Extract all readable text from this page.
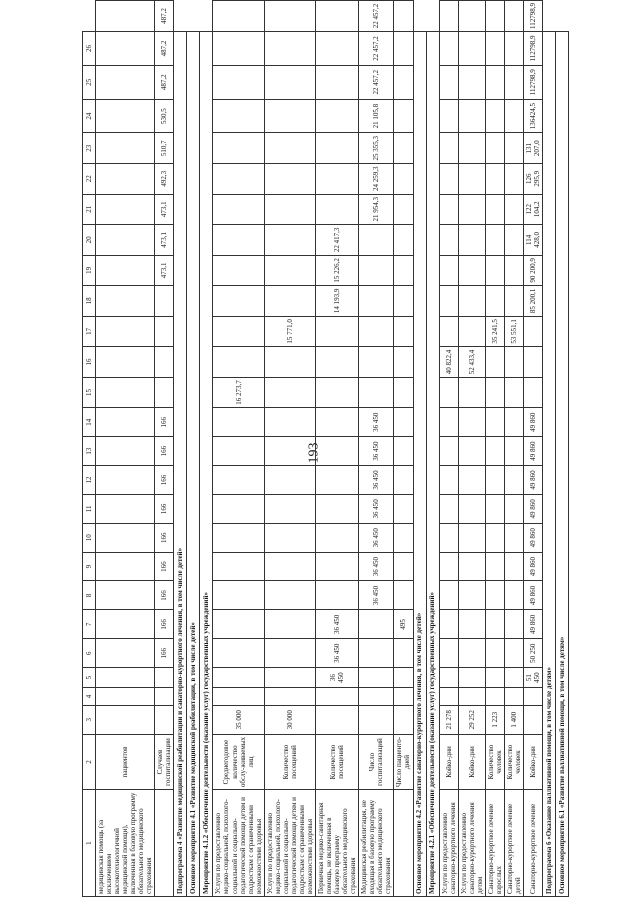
193
1	2	3	4	5	6	7	8	9	10	11	12	13	14	15	16	17	18	19	20	21	22	23	24	25	26	
медицинская помощь (за исключением высокотехнологичной медицинской помощи), включенная в базовую программу обязательного медицинского страхования	пациентов																									
	Случаев госпитализации				166	166	166	166	166	166	166	166	166					473,1	473,1	473,1	492,3	510,7	530,5	487,2	487,2	487,2
Подпрограмма 4 «Развитие медицинской реабилитации и санаторно-курортного лечения, в том числе детей»																										
Основное мероприятие 4.1 «Развитие медицинской реабилитации, в том числе детей»																										
Мероприятие 4.1.2 «Обеспечение деятельности (оказание услуг) государственных учреждений»																										
Услуги по предоставлению медико-социальной, психолого-социальной и социально-педагогической помощи детям и подросткам с ограниченными возможностями здоровья	Среднегодовое количество обслу-живаемых лиц	35 000												16 273,7												
Услуги по предоставлению медико-социальной, психолого-социальной и социально-педагогической помощи детям и подросткам с ограниченными возможностями здоровья	Количество посещений	30 000														15 771,0										
Первичная медико-санитарная помощь, не включенная в базовую программу обязательного медицинского страхования	Количество посещений			36 450	36 450	36 450											14 193,9	15 226,2	22 417,3							
Медицинская реабилитация, не входящая в базовую программу обязательного медицинского страхования	Число госпитализаций						36 450	36 450	36 450	36 450	36 450	36 450	36 450							21 954,3	24 259,3	25 355,3	21 105,8	22 457,2	22 457,2	22 457,2
	Число пациенто-дней					495																				
Основное мероприятие 4.2 «Развитие санаторно-курортного лечения, в том числе детей»																										
Мероприятие 4.2.1 «Обеспечение деятельности (оказание услуг) государственных учреждений»																										
Услуги по предоставлению санаторно-курортного лечения	Койко-дни	21 278													40 822,4											
Услуги по предоставлению санаторно-курортного лечения детям	Койко-дни	29 252													52 433,4											
Санаторно-курортное лечение взрослых	Количество человек	1 223														35 241,5										
Санаторно-курортное лечение детей	Количество человек	1 400														53 551,1										
Санаторно-курортное лечение	Койко-дни			51 450	50 250	49 860	49 860	49 860	49 860	49 860	49 860	49 860	49 860				85 200,1	90 200,9	114 428,0	122 104,2	126 295,9	131 207,0	136424,5	112798,9	112798,9	112798,9
Подпрограмма 6 «Оказание паллиативной помощи, в том числе детям»																										
Основное мероприятие 6.1 «Развитие паллиативной помощи, в том числе детям»																										
